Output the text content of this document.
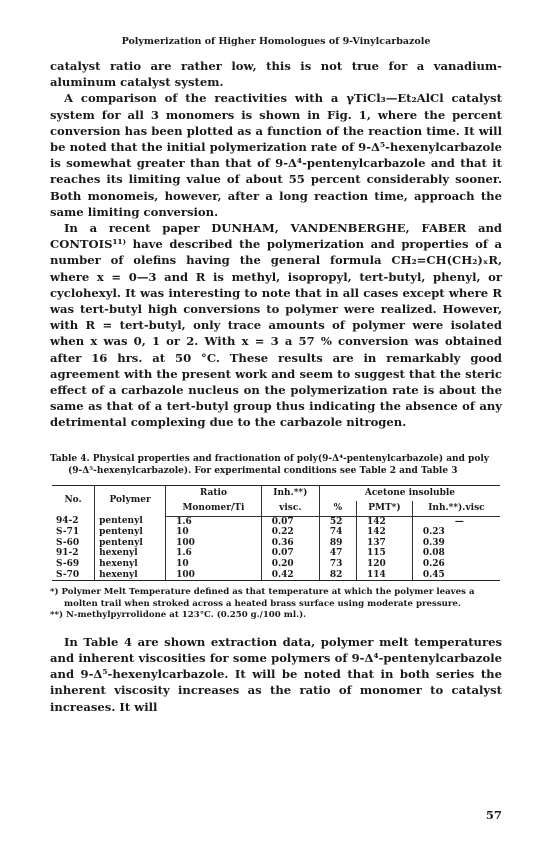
Polymerization of Higher Homologues of 9-Vinylcarbazole

catalyst ratio are rather low, this is not true for a vanadium-aluminum catalyst system.

A comparison of the reactivities with a γTiCl₃—Et₂AlCl catalyst system for all 3 monomers is shown in Fig. 1, where the percent conversion has been plotted as a function of the reaction time. It will be noted that the initial polymerization rate of 9-Δ⁵-hexenylcarbazole is somewhat greater than that of 9-Δ⁴-pentenylcarbazole and that it reaches its limiting value of about 55 percent considerably sooner. Both monomeis, however, after a long reaction time, approach the same limiting conversion.

In a recent paper DUNHAM, VANDENBERGHE, FABER and CONTOIS¹¹⁾ have described the polymerization and properties of a number of olefins having the general formula CH₂=CH(CH₂)ₓR, where x = 0—3 and R is methyl, isopropyl, tert-butyl, phenyl, or cyclohexyl. It was interesting to note that in all cases except where R was tert-butyl high conversions to polymer were realized. However, with R = tert-butyl, only trace amounts of polymer were isolated when x was 0, 1 or 2. With x = 3 a 57 % conversion was obtained after 16 hrs. at 50 °C. These results are in remarkably good agreement with the present work and seem to suggest that the steric effect of a carbazole nucleus on the polymerization rate is about the same as that of a tert-butyl group thus indicating the absence of any detrimental complexing due to the carbazole nitrogen.

Table 4. Physical properties and fractionation of poly(9-Δ⁴-pentenylcarbazole) and poly (9-Δ⁵-hexenylcarbazole). For experimental conditions see Table 2 and Table 3

No.	Polymer	Ratio	Inh.**)	Acetone insoluble		
		Monomer/Ti	visc.	%	PMT*)	Inh.**).visc
94-2	pentenyl	1.6	0.07	52	142	—
S-71	pentenyl	10	0.22	74	142	0.23
S-60	pentenyl	100	0.36	89	137	0.39
91-2	hexenyl	1.6	0.07	47	115	0.08
S-69	hexenyl	10	0.20	73	120	0.26
S-70	hexenyl	100	0.42	82	114	0.45

*) Polymer Melt Temperature defined as that temperature at which the polymer leaves a molten trail when stroked across a heated brass surface using moderate pressure.

**) N-methylpyrrolidone at 123°C. (0.250 g./100 ml.).

In Table 4 are shown extraction data, polymer melt temperatures and inherent viscosities for some polymers of 9-Δ⁴-pentenylcarbazole and 9-Δ⁵-hexenylcarbazole. It will be noted that in both series the inherent viscosity increases as the ratio of monomer to catalyst increases. It will

57
